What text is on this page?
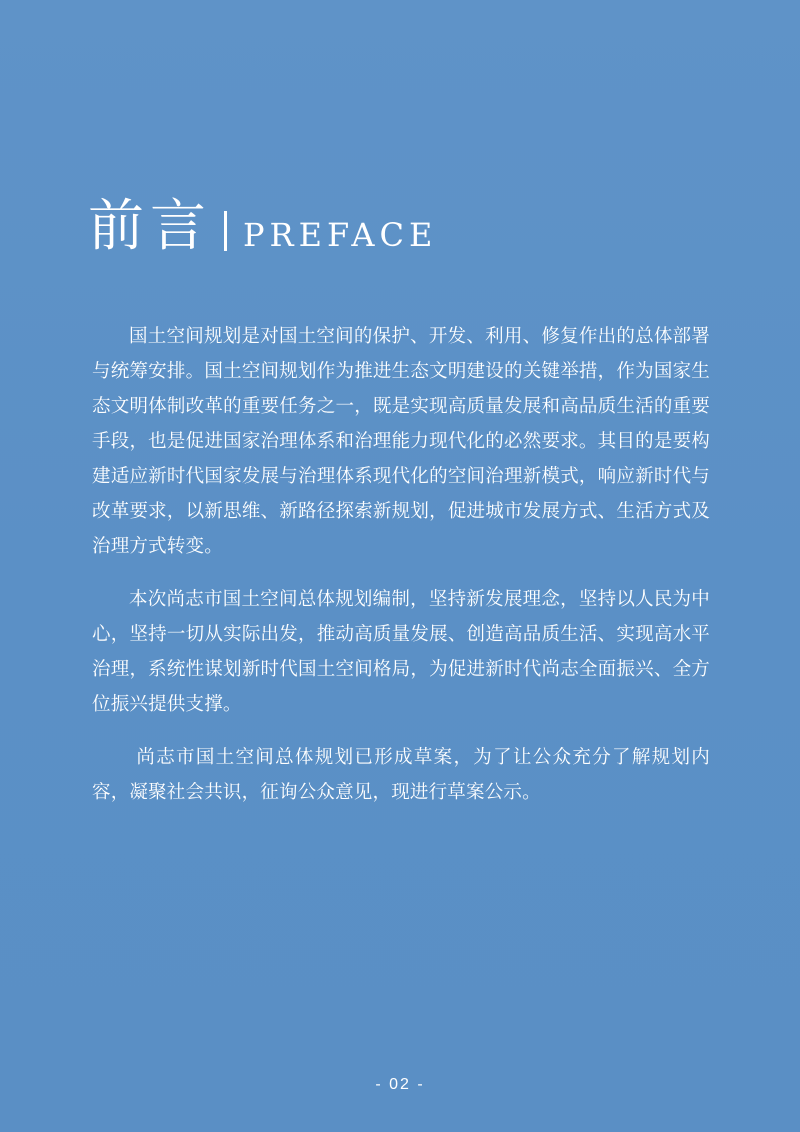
前言 PREFACE

国土空间规划是对国土空间的保护、开发、利用、修复作出的总体部署与统筹安排。国土空间规划作为推进生态文明建设的关键举措，作为国家生态文明体制改革的重要任务之一，既是实现高质量发展和高品质生活的重要手段，也是促进国家治理体系和治理能力现代化的必然要求。其目的是要构建适应新时代国家发展与治理体系现代化的空间治理新模式，响应新时代与改革要求，以新思维、新路径探索新规划，促进城市发展方式、生活方式及治理方式转变。

本次尚志市国土空间总体规划编制，坚持新发展理念，坚持以人民为中心，坚持一切从实际出发，推动高质量发展、创造高品质生活、实现高水平治理，系统性谋划新时代国土空间格局，为促进新时代尚志全面振兴、全方位振兴提供支撑。

尚志市国土空间总体规划已形成草案，为了让公众充分了解规划内容，凝聚社会共识，征询公众意见，现进行草案公示。

- 02 -
